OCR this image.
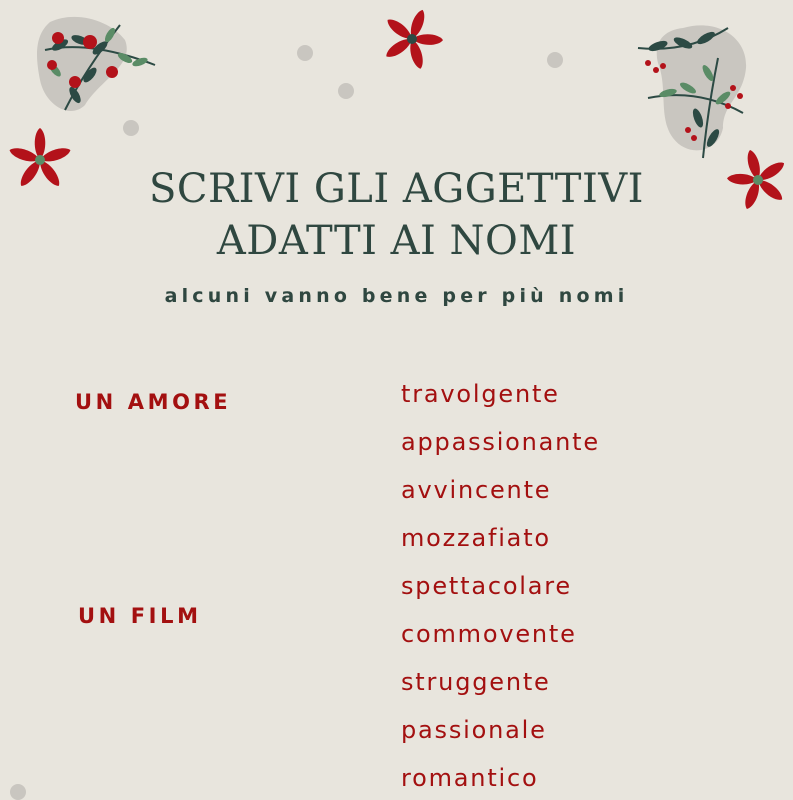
SCRIVI GLI AGGETTIVI
ADATTI AI NOMI
alcuni vanno bene per più nomi
UN AMORE
UN FILM
travolgente
appassionante
avvincente
mozzafiato
spettacolare
commovente
struggente
passionale
romantico
